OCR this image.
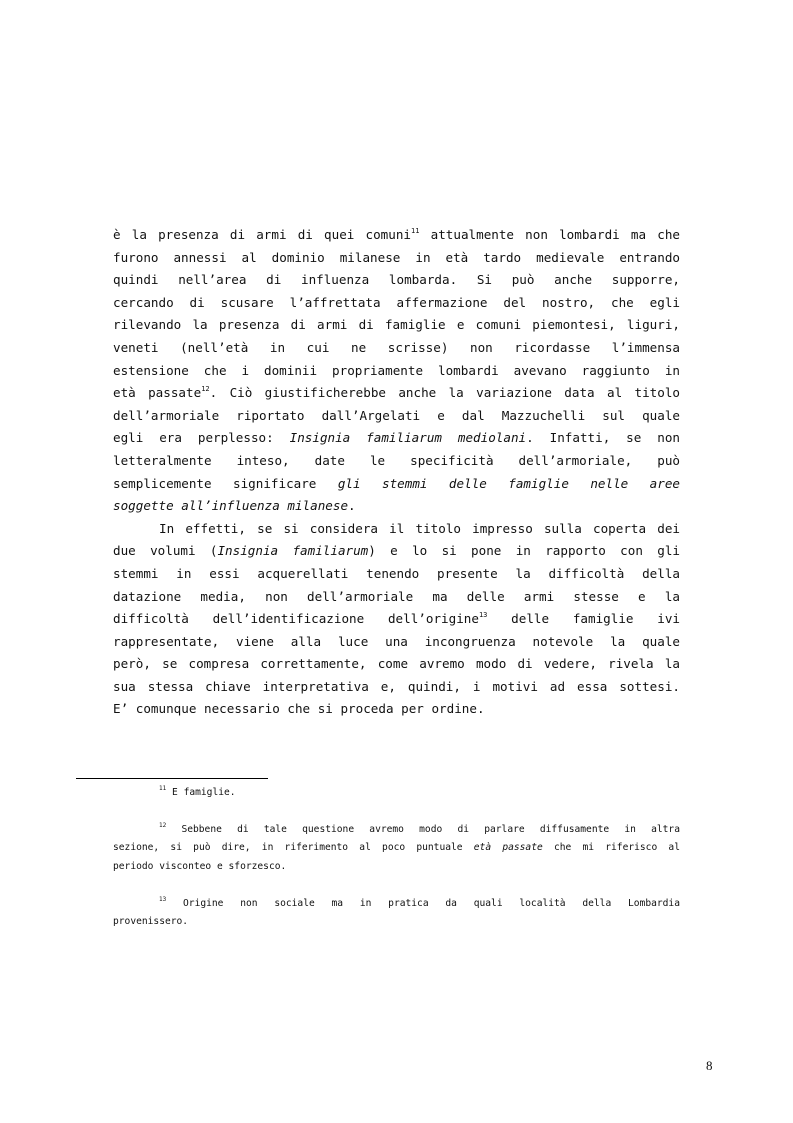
è la presenza di armi di quei comuni$^{11}$ attualmente non lombardi ma che
furono annessi al dominio milanese in età tardo medievale entrando
quindi nell’area di influenza lombarda. Si può anche supporre,
cercando di scusare l’affrettata affermazione del nostro, che egli
rilevando la presenza di armi di famiglie e comuni piemontesi, liguri,
veneti (nell’età in cui ne scrisse) non ricordasse l’immensa
estensione che i dominii propriamente lombardi avevano raggiunto in
età passate$^{12}$. Ciò giustificherebbe anche la variazione data al titolo
dell’armoriale riportato dall’Argelati e dal Mazzuchelli sul quale
egli era perplesso: Insignia familiarum mediolani. Infatti, se non
letteralmente inteso, date le specificità dell’armoriale, può
semplicemente significare gli stemmi delle famiglie nelle aree
soggette all’influenza milanese.
In effetti, se si considera il titolo impresso sulla coperta dei
due volumi (Insignia familiarum) e lo si pone in rapporto con gli
stemmi in essi acquerellati tenendo presente la difficoltà della
datazione media, non dell’armoriale ma delle armi stesse e la
difficoltà dell’identificazione dell’origine$^{13}$ delle famiglie ivi
rappresentate, viene alla luce una incongruenza notevole la quale
però, se compresa correttamente, come avremo modo di vedere, rivela la
sua stessa chiave interpretativa e, quindi, i motivi ad essa sottesi.
E’ comunque necessario che si proceda per ordine.
$^{11}$ E famiglie.
$^{12}$ Sebbene di tale questione avremo modo di parlare diffusamente in altra
sezione, si può dire, in riferimento al poco puntuale età passate che mi riferisco al
periodo visconteo e sforzesco.
$^{13}$ Origine non sociale ma in pratica da quali località della Lombardia
provenissero.
8
